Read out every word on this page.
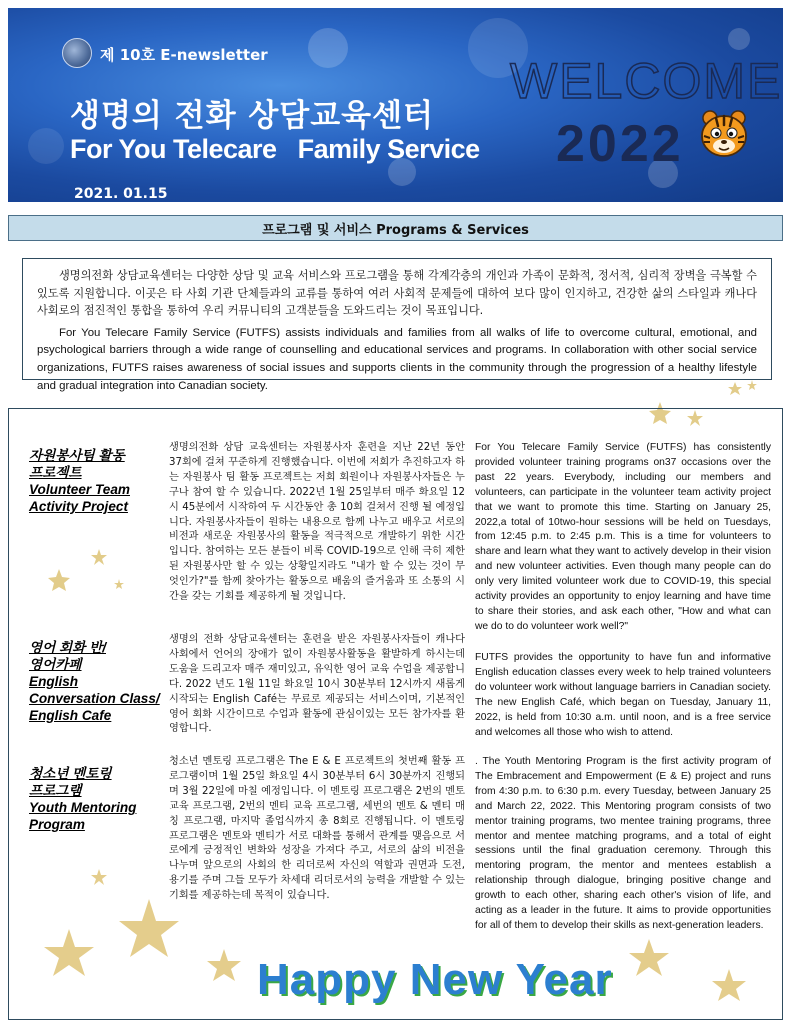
제 10호 E-newsletter
생명의 전화 상담교육센터
For You Telecare   Family Service
2021. 01.15
WELCOME
2022
프로그램 및 서비스 Programs & Services

생명의전화 상담교육센터는 다양한 상담 및 교육 서비스와 프로그램을 통해 각계각층의 개인과 가족이 문화적, 정서적, 심리적 장벽을 극복할 수 있도록 지원합니다. 이곳은 타 사회 기관 단체들과의 교류를 통하여 여러 사회적 문제들에 대하여 보다 많이 인지하고, 건강한 삶의 스타일과 캐나다 사회로의 점진적인 통합을 통하여 우리 커뮤니티의 고객분들을 도와드리는 것이 목표입니다.

For You Telecare Family Service (FUTFS) assists individuals and families from all walks of life to overcome cultural, emotional, and psychological barriers through a wide range of counselling and educational services and programs. In collaboration with other social service organizations, FUTFS raises awareness of social issues and supports clients in the community through the progression of a healthy lifestyle and gradual integration into Canadian society.

자원봉사팀 활동
프로젝트
Volunteer Team
Activity Project
생명의전화 상담 교육센터는 자원봉사자 훈련을 지난 22년 동안 37회에 걸쳐 꾸준하게 진행했습니다. 이번에 저희가 추진하고자 하는 자원봉사 팀 활동 프로젝트는 저희 회원이나 자원봉사자들은 누구나 참여 할 수 있습니다. 2022년 1월 25일부터 매주 화요일 12시 45분에서 시작하여 두 시간동안 총 10회 걸쳐서 진행 될 예정입니다. 자원봉사자들이 원하는 내용으로 함께 나누고 배우고 서로의 비전과 새로운 자원봉사의 활동을 적극적으로 개발하기 위한 시간입니다. 참여하는 모든 분들이 비록 COVID-19으로 인해 극히 제한된 자원봉사만 할 수 있는 상황일지라도 "내가 할 수 있는 것이 무엇인가?"를 함께 찾아가는 활동으로 배움의 즐거움과 또 소통의 시간을 갖는 기회를 제공하게 될 것입니다.
For You Telecare Family Service (FUTFS) has consistently provided volunteer training programs on37 occasions over the past 22 years. Everybody, including our members and volunteers, can participate in the volunteer team activity project that we want to promote this time. Starting on January 25, 2022,a total of 10two-hour sessions will be held on Tuesdays, from 12:45 p.m. to 2:45 p.m. This is a time for volunteers to share and learn what they want to actively develop in their vision and new volunteer activities. Even though many people can do only very limited volunteer work due to COVID-19, this special activity provides an opportunity to enjoy learning and have time to share their stories, and ask each other, "How and what can we do to do volunteer work well?"
영어 회화 반/
영어카페
English
Conversation Class/
English Cafe
생명의 전화 상담교육센터는 훈련을 받은 자원봉사자들이 캐나다 사회에서 언어의 장애가 없이 자원봉사활동을 활발하게 하시는데 도움을 드리고자 매주 재미있고, 유익한 영어 교육 수업을 제공합니다. 2022 년도 1월 11일 화요일 10시 30분부터 12시까지 새롭게 시작되는 English Café는 무료로 제공되는 서비스이며, 기본적인 영어 회화 시간이므로 수업과 활동에 관심이있는 모든 참가자를 환영합니다.
FUTFS provides the opportunity to have fun and informative English education classes every week to help trained volunteers do volunteer work without language barriers in Canadian society. The new English Café, which began on Tuesday, January 11, 2022, is held from 10:30 a.m. until noon, and is a free service and welcomes all those who wish to attend.
청소년 멘토링
프로그램
Youth Mentoring
Program
청소년 멘토링 프로그램은 The E & E 프로젝트의 첫번째 활동 프로그램이며 1월 25일 화요일 4시 30분부터 6시 30분까지 진행되며 3월 22일에 마칠 예정입니다. 이 멘토링 프로그램은 2번의 멘토 교육 프로그램, 2번의 멘티 교육 프로그램, 세번의 멘토 & 멘티 매칭 프로그램, 마지막 졸업식까지 총 8회로 진행됩니다. 이 멘토링 프로그램은 멘토와 멘티가 서로 대화를 통해서 관계를 맺음으로 서로에게 긍정적인 변화와 성장을 가져다 주고, 서로의 삶의 비전을 나누며 앞으로의 사회의 한 리더로써 자신의 역할과 권면과 도전, 용기를 주며 그들 모두가 차세대 리더로서의 능력을 개발할 수 있는 기회를 제공하는데 목적이 있습니다.
. The Youth Mentoring Program is the first activity program of The Embracement and Empowerment (E & E) project and runs from 4:30 p.m. to 6:30 p.m. every Tuesday, between January 25 and March 22, 2022. This Mentoring program consists of two mentor training programs, two mentee training programs, three mentor and mentee matching programs, and a total of eight sessions until the final graduation ceremony. Through this mentoring program, the mentor and mentees establish a relationship through dialogue, bringing positive change and growth to each other, sharing each other's vision of life, and acting as a leader in the future. It aims to provide opportunities for all of them to develop their skills as next-generation leaders.
Happy New Year
